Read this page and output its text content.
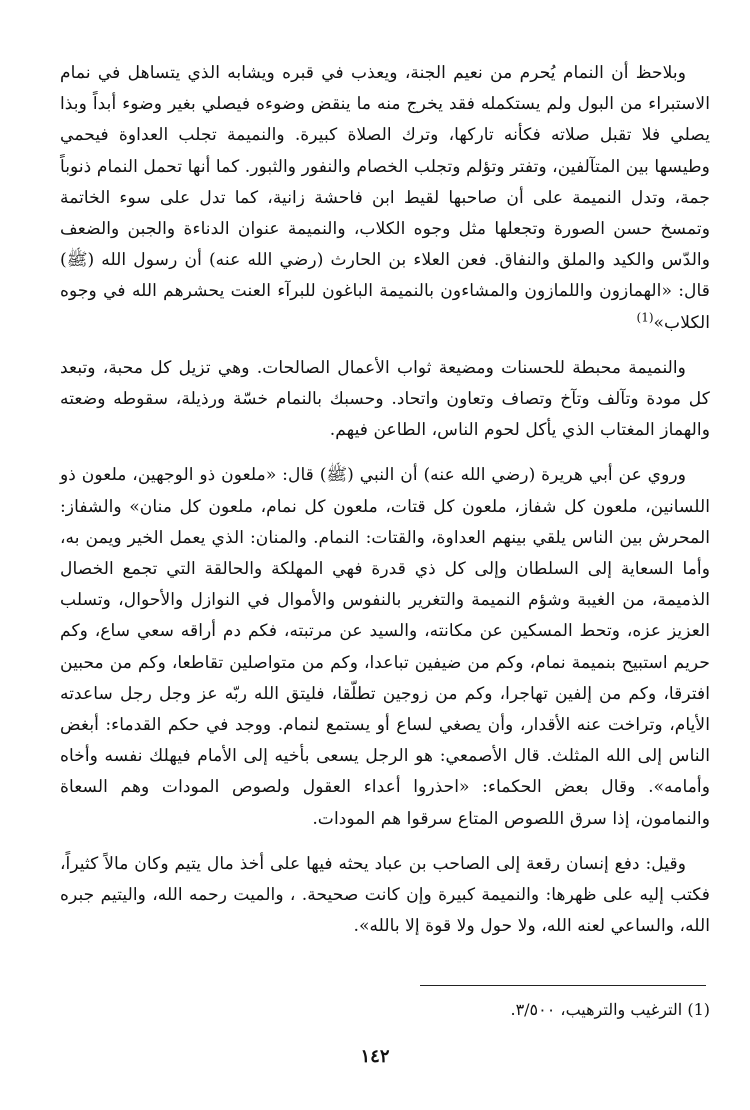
وبلاحظ أن النمام يُحرم من نعيم الجنة، ويعذب في قبره ويشابه الذي يتساهل في نمام الاستبراء من البول ولم يستكمله فقد يخرج منه ما ينقض وضوءه فيصلي بغير وضوء أبداً وبذا يصلي فلا تقبل صلاته فكأنه تاركها، وترك الصلاة كبيرة. والنميمة تجلب العداوة فيحمي وطيسها بين المتآلفين، وتفتر وتؤلم وتجلب الخصام والنفور والثبور. كما أنها تحمل النمام ذنوباً جمة، وتدل النميمة على أن صاحبها لقيط ابن فاحشة زانية، كما تدل على سوء الخاتمة وتمسخ حسن الصورة وتجعلها مثل وجوه الكلاب، والنميمة عنوان الدناءة والجبن والضعف والدّس والكيد والملق والنفاق. فعن العلاء بن الحارث (رضي الله عنه) أن رسول الله (ﷺ) قال: «الهمازون واللمازون والمشاءون بالنميمة الباغون للبرآء العنت يحشرهم الله في وجوه الكلاب»$^{(1)}$

والنميمة محبطة للحسنات ومضيعة ثواب الأعمال الصالحات. وهي تزيل كل محبة، وتبعد كل مودة وتآلف وتآخ وتصاف وتعاون واتحاد. وحسبك بالنمام خسّة ورذيلة، سقوطه وضعته والهماز المغتاب الذي يأكل لحوم الناس، الطاعن فيهم.

وروي عن أبي هريرة (رضي الله عنه) أن النبي (ﷺ) قال: «ملعون ذو الوجهين، ملعون ذو اللسانين، ملعون كل شفاز، ملعون كل قتات، ملعون كل نمام، ملعون كل منان» والشفاز: المحرش بين الناس يلقي بينهم العداوة، والقتات: النمام. والمنان: الذي يعمل الخير ويمن به، وأما السعاية إلى السلطان وإلى كل ذي قدرة فهي المهلكة والحالقة التي تجمع الخصال الذميمة، من الغيبة وشؤم النميمة والتغرير بالنفوس والأموال في النوازل والأحوال، وتسلب العزيز عزه، وتحط المسكين عن مكانته، والسيد عن مرتبته، فكم دم أراقه سعي ساع، وكم حريم استبيح بنميمة نمام، وكم من ضيفين تباعدا، وكم من متواصلين تقاطعا، وكم من محبين افترقا، وكم من إلفين تهاجرا، وكم من زوجين تطلّقا، فليتق الله ربّه عز وجل رجل ساعدته الأيام، وتراخت عنه الأقدار، وأن يصغي لساع أو يستمع لنمام. ووجد في حكم القدماء: أبغض الناس إلى الله المثلث. قال الأصمعي: هو الرجل يسعى بأخيه إلى الأمام فيهلك نفسه وأخاه وأمامه». وقال بعض الحكماء: «احذروا أعداء العقول ولصوص المودات وهم السعاة والنمامون، إذا سرق اللصوص المتاع سرقوا هم المودات.

وقيل: دفع إنسان رقعة إلى الصاحب بن عباد يحثه فيها على أخذ مال يتيم وكان مالاً كثيراً، فكتب إليه على ظهرها: والنميمة كبيرة وإن كانت صحيحة. ، والميت رحمه الله، واليتيم جبره الله، والساعي لعنه الله، ولا حول ولا قوة إلا بالله».

(1) الترغيب والترهيب، ٣/٥٠٠.
١٤٢
